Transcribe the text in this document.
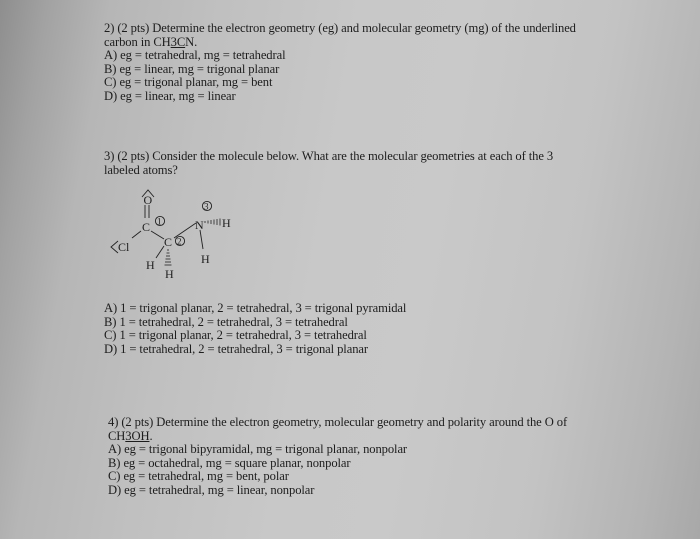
2) (2 pts) Determine the electron geometry (eg) and molecular geometry (mg) of the underlined
carbon in CH3CN.
A) eg = tetrahedral, mg = tetrahedral
B) eg = linear, mg = trigonal planar
C) eg = trigonal planar, mg = bent
D) eg = linear, mg = linear
3) (2 pts) Consider the molecule below. What are the molecular geometries at each of the 3
labeled atoms?
O
C 1
Cl	C 2
N
3
H
H
H
H
A) 1 = trigonal planar, 2 = tetrahedral, 3 = trigonal pyramidal
B) 1 = tetrahedral, 2 = tetrahedral, 3 = tetrahedral
C) 1 = trigonal planar, 2 = tetrahedral, 3 = tetrahedral
D) 1 = tetrahedral, 2 = tetrahedral, 3 = trigonal planar
4) (2 pts) Determine the electron geometry, molecular geometry and polarity around the O of
CH3OH.
A) eg = trigonal bipyramidal, mg = trigonal planar, nonpolar
B) eg = octahedral, mg = square planar, nonpolar
C) eg = tetrahedral, mg = bent, polar
D) eg = tetrahedral, mg = linear, nonpolar
